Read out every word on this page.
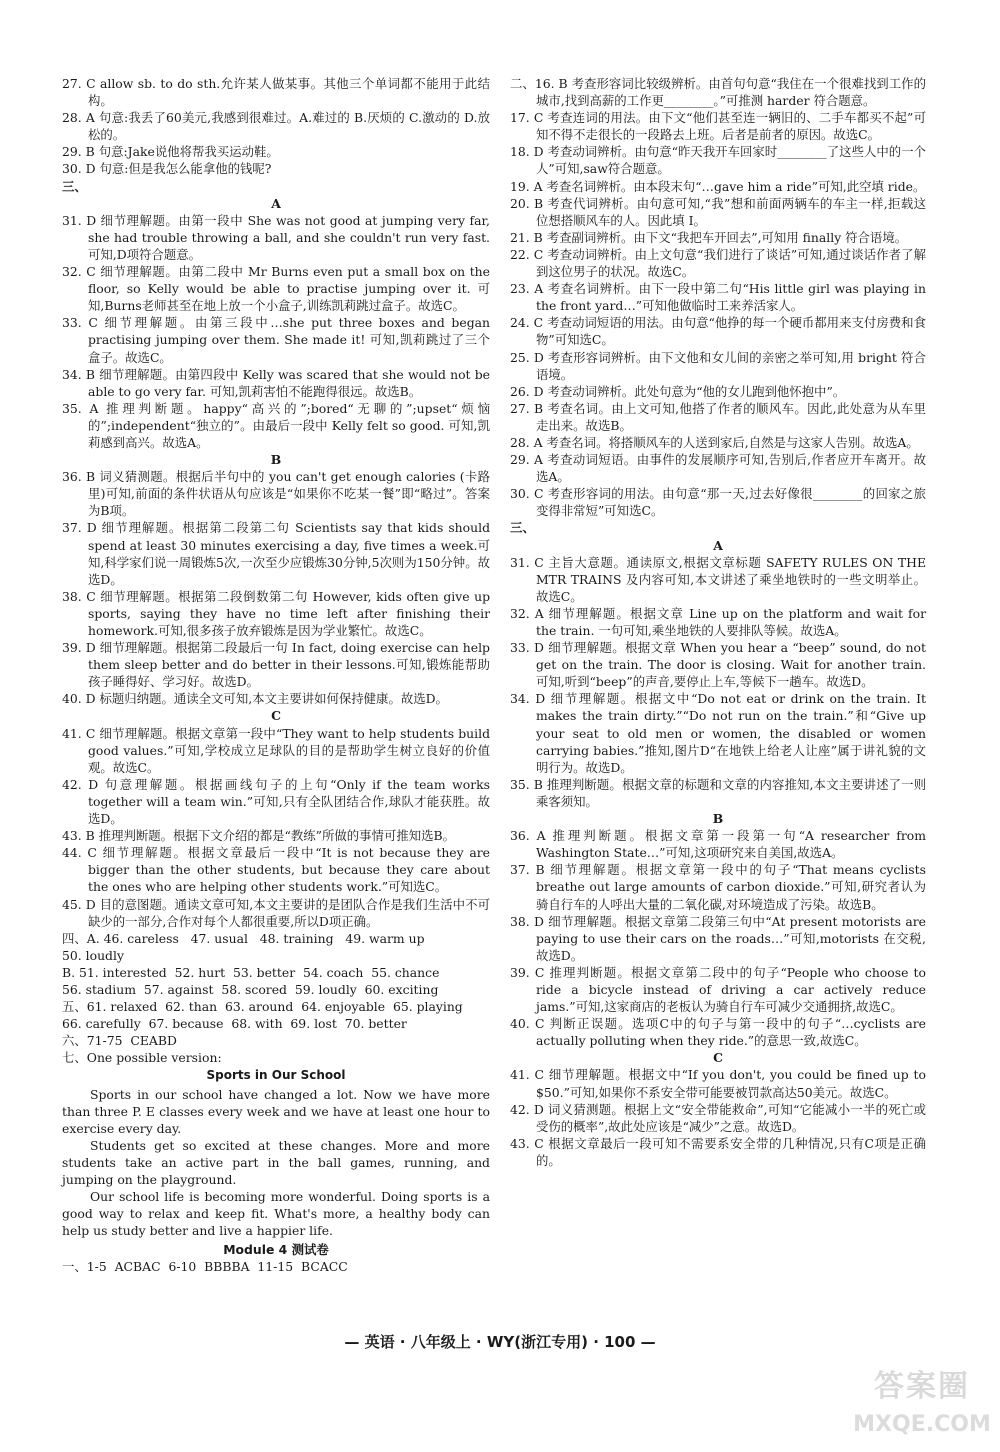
27. C allow sb. to do sth.允许某人做某事。其他三个单词都不能用于此结构。

28. A 句意:我丢了60美元,我感到很难过。A.难过的 B.厌烦的 C.激动的 D.放松的。

29. B 句意:Jake说他将帮我买运动鞋。

30. D 句意:但是我怎么能拿他的钱呢?

三、

A

31. D 细节理解题。由第一段中 She was not good at jumping very far, she had trouble throwing a ball, and she couldn't run very fast. 可知,D项符合题意。

32. C 细节理解题。由第二段中 Mr Burns even put a small box on the floor, so Kelly would be able to practise jumping over it. 可知,Burns老师甚至在地上放一个小盒子,训练凯莉跳过盒子。故选C。

33. C 细节理解题。由第三段中…she put three boxes and began practising jumping over them. She made it! 可知,凯莉跳过了三个盒子。故选C。

34. B 细节理解题。由第四段中 Kelly was scared that she would not be able to go very far. 可知,凯莉害怕不能跑得很远。故选B。

35. A 推理判断题。happy“高兴的”;bored“无聊的”;upset“烦恼的”;independent“独立的”。由最后一段中 Kelly felt so good. 可知,凯莉感到高兴。故选A。

B

36. B 词义猜测题。根据后半句中的 you can't get enough calories (卡路里)可知,前面的条件状语从句应该是“如果你不吃某一餐”即“略过”。答案为B项。

37. D 细节理解题。根据第二段第二句 Scientists say that kids should spend at least 30 minutes exercising a day, five times a week.可知,科学家们说一周锻炼5次,一次至少应锻炼30分钟,5次则为150分钟。故选D。

38. C 细节理解题。根据第二段倒数第二句 However, kids often give up sports, saying they have no time left after finishing their homework.可知,很多孩子放弃锻炼是因为学业繁忙。故选C。

39. D 细节理解题。根据第二段最后一句 In fact, doing exercise can help them sleep better and do better in their lessons.可知,锻炼能帮助孩子睡得好、学习好。故选D。

40. D 标题归纳题。通读全文可知,本文主要讲如何保持健康。故选D。

C

41. C 细节理解题。根据文章第一段中“They want to help students build good values.”可知,学校成立足球队的目的是帮助学生树立良好的价值观。故选C。

42. D 句意理解题。根据画线句子的上句“Only if the team works together will a team win.”可知,只有全队团结合作,球队才能获胜。故选D。

43. B 推理判断题。根据下文介绍的都是“教练”所做的事情可推知选B。

44. C 细节理解题。根据文章最后一段中“It is not because they are bigger than the other students, but because they care about the ones who are helping other students work.”可知选C。

45. D 目的意图题。通读文章可知,本文主要讲的是团队合作是我们生活中不可缺少的一部分,合作对每个人都很重要,所以D项正确。

四、A. 46. careless   47. usual   48. training   49. warm up

50. loudly

B. 51. interested  52. hurt  53. better  54. coach  55. chance

56. stadium  57. against  58. scored  59. loudly  60. exciting

五、61. relaxed  62. than  63. around  64. enjoyable  65. playing

66. carefully  67. because  68. with  69. lost  70. better

六、71-75  CEABD

七、One possible version:

Sports in Our School

Sports in our school have changed a lot. Now we have more than three P. E classes every week and we have at least one hour to exercise every day.

Students get so excited at these changes. More and more students take an active part in the ball games, running, and jumping on the playground.

Our school life is becoming more wonderful. Doing sports is a good way to relax and keep fit. What's more, a healthy body can help us study better and live a happier life.

Module 4 测试卷

一、1-5  ACBAC  6-10  BBBBA  11-15  BCACC

二、16. B 考查形容词比较级辨析。由首句句意“我住在一个很难找到工作的城市,找到高薪的工作更________。”可推测 harder 符合题意。

17. C 考查连词的用法。由下文“他们甚至连一辆旧的、二手车都买不起”可知不得不走很长的一段路去上班。后者是前者的原因。故选C。

18. D 考查动词辨析。由句意“昨天我开车回家时________了这些人中的一个人”可知,saw符合题意。

19. A 考查名词辨析。由本段末句“…gave him a ride”可知,此空填 ride。

20. B 考查代词辨析。由句意可知,“我”想和前面两辆车的车主一样,拒载这位想搭顺风车的人。因此填 I。

21. B 考查副词辨析。由下文“我把车开回去”,可知用 finally 符合语境。

22. C 考查动词辨析。由上文句意“我们进行了谈话”可知,通过谈话作者了解到这位男子的状况。故选C。

23. A 考查名词辨析。由下一段中第二句“His little girl was playing in the front yard…”可知他做临时工来养活家人。

24. C 考查动词短语的用法。由句意“他挣的每一个硬币都用来支付房费和食物”可知选C。

25. D 考查形容词辨析。由下文他和女儿间的亲密之举可知,用 bright 符合语境。

26. D 考查动词辨析。此处句意为“他的女儿跑到他怀抱中”。

27. B 考查名词。由上文可知,他搭了作者的顺风车。因此,此处意为从车里走出来。故选B。

28. A 考查名词。将搭顺风车的人送到家后,自然是与这家人告别。故选A。

29. A 考查动词短语。由事件的发展顺序可知,告别后,作者应开车离开。故选A。

30. C 考查形容词的用法。由句意“那一天,过去好像很________的回家之旅变得非常短”可知选C。

三、

A

31. C 主旨大意题。通读原文,根据文章标题 SAFETY RULES ON THE MTR TRAINS 及内容可知,本文讲述了乘坐地铁时的一些文明举止。故选C。

32. A 细节理解题。根据文章 Line up on the platform and wait for the train. 一句可知,乘坐地铁的人要排队等候。故选A。

33. D 细节理解题。根据文章 When you hear a “beep” sound, do not get on the train. The door is closing. Wait for another train. 可知,听到“beep”的声音,要停止上车,等候下一趟车。故选D。

34. D 细节理解题。根据文中“Do not eat or drink on the train. It makes the train dirty.”“Do not run on the train.”和“Give up your seat to old men or women, the disabled or women carrying babies.”推知,图片D“在地铁上给老人让座”属于讲礼貌的文明行为。故选D。

35. B 推理判断题。根据文章的标题和文章的内容推知,本文主要讲述了一则乘客须知。

B

36. A 推理判断题。根据文章第一段第一句“A researcher from Washington State…”可知,这项研究来自美国,故选A。

37. B 细节理解题。根据文章第一段中的句子“That means cyclists breathe out large amounts of carbon dioxide.”可知,研究者认为骑自行车的人呼出大量的二氧化碳,对环境造成了污染。故选B。

38. D 细节理解题。根据文章第二段第三句中“At present motorists are paying to use their cars on the roads…”可知,motorists 在交税,故选D。

39. C 推理判断题。根据文章第二段中的句子“People who choose to ride a bicycle instead of driving a car actively reduce jams.”可知,这家商店的老板认为骑自行车可减少交通拥挤,故选C。

40. C 判断正误题。选项C中的句子与第一段中的句子“…cyclists are actually polluting when they ride.”的意思一致,故选C。

C

41. C 细节理解题。根据文中“If you don't, you could be fined up to $50.”可知,如果你不系安全带可能要被罚款高达50美元。故选C。

42. D 词义猜测题。根据上文“安全带能救命”,可知“它能减小一半的死亡或受伤的概率”,故此处应该是“减少”之意。故选D。

43. C 根据文章最后一段可知不需要系安全带的几种情况,只有C项是正确的。

— 英语 · 八年级上 · WY(浙江专用) · 100 —
答案圈
MXQE.COM
